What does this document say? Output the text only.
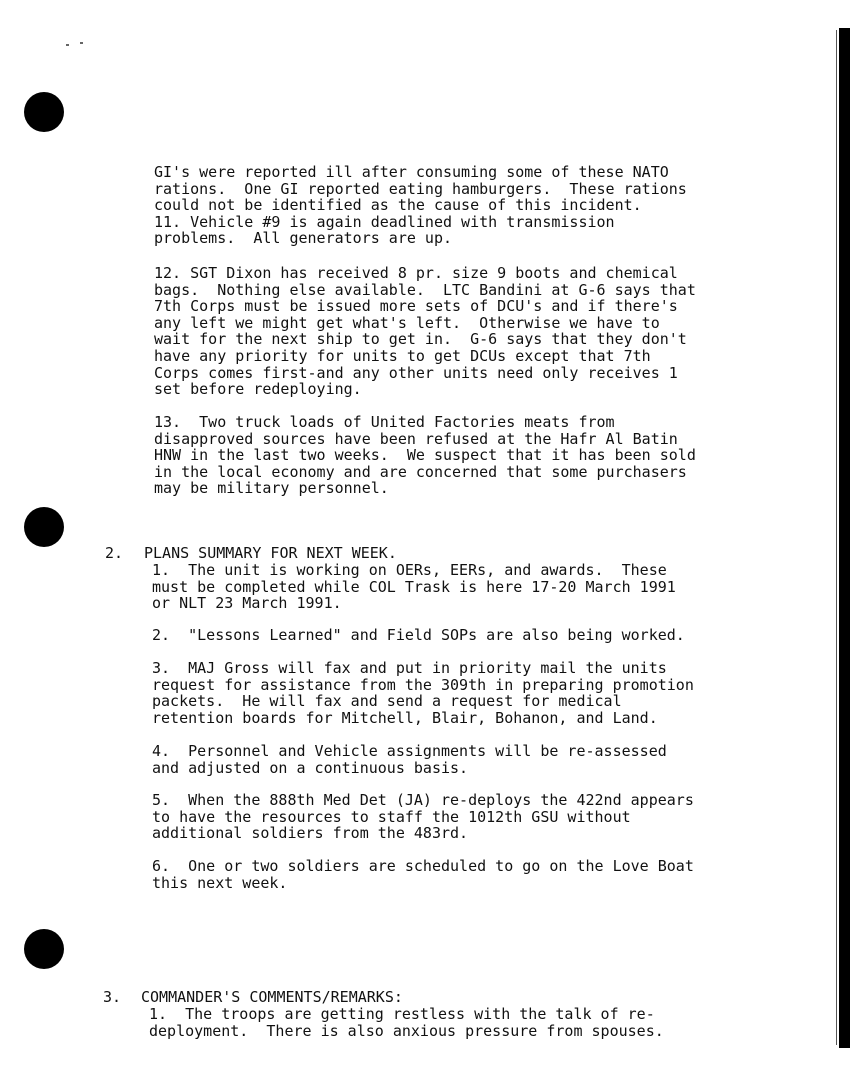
GI's were reported ill after consuming some of these NATO
rations.  One GI reported eating hamburgers.  These rations
could not be identified as the cause of this incident.
11. Vehicle #9 is again deadlined with transmission
problems.  All generators are up.

12. SGT Dixon has received 8 pr. size 9 boots and chemical
bags.  Nothing else available.  LTC Bandini at G-6 says that
7th Corps must be issued more sets of DCU's and if there's
any left we might get what's left.  Otherwise we have to
wait for the next ship to get in.  G-6 says that they don't
have any priority for units to get DCUs except that 7th
Corps comes first-and any other units need only receives 1
set before redeploying.

13.  Two truck loads of United Factories meats from
disapproved sources have been refused at the Hafr Al Batin
HNW in the last two weeks.  We suspect that it has been sold
in the local economy and are concerned that some purchasers
may be military personnel.

2. PLANS SUMMARY FOR NEXT WEEK.

1.  The unit is working on OERs, EERs, and awards.  These
must be completed while COL Trask is here 17-20 March 1991
or NLT 23 March 1991.

2.  "Lessons Learned" and Field SOPs are also being worked.

3.  MAJ Gross will fax and put in priority mail the units
request for assistance from the 309th in preparing promotion
packets.  He will fax and send a request for medical
retention boards for Mitchell, Blair, Bohanon, and Land.

4.  Personnel and Vehicle assignments will be re-assessed
and adjusted on a continuous basis.

5.  When the 888th Med Det (JA) re-deploys the 422nd appears
to have the resources to staff the 1012th GSU without
additional soldiers from the 483rd.

6.  One or two soldiers are scheduled to go on the Love Boat
this next week.

3. COMMANDER'S COMMENTS/REMARKS:

1.  The troops are getting restless with the talk of re-
deployment.  There is also anxious pressure from spouses.
